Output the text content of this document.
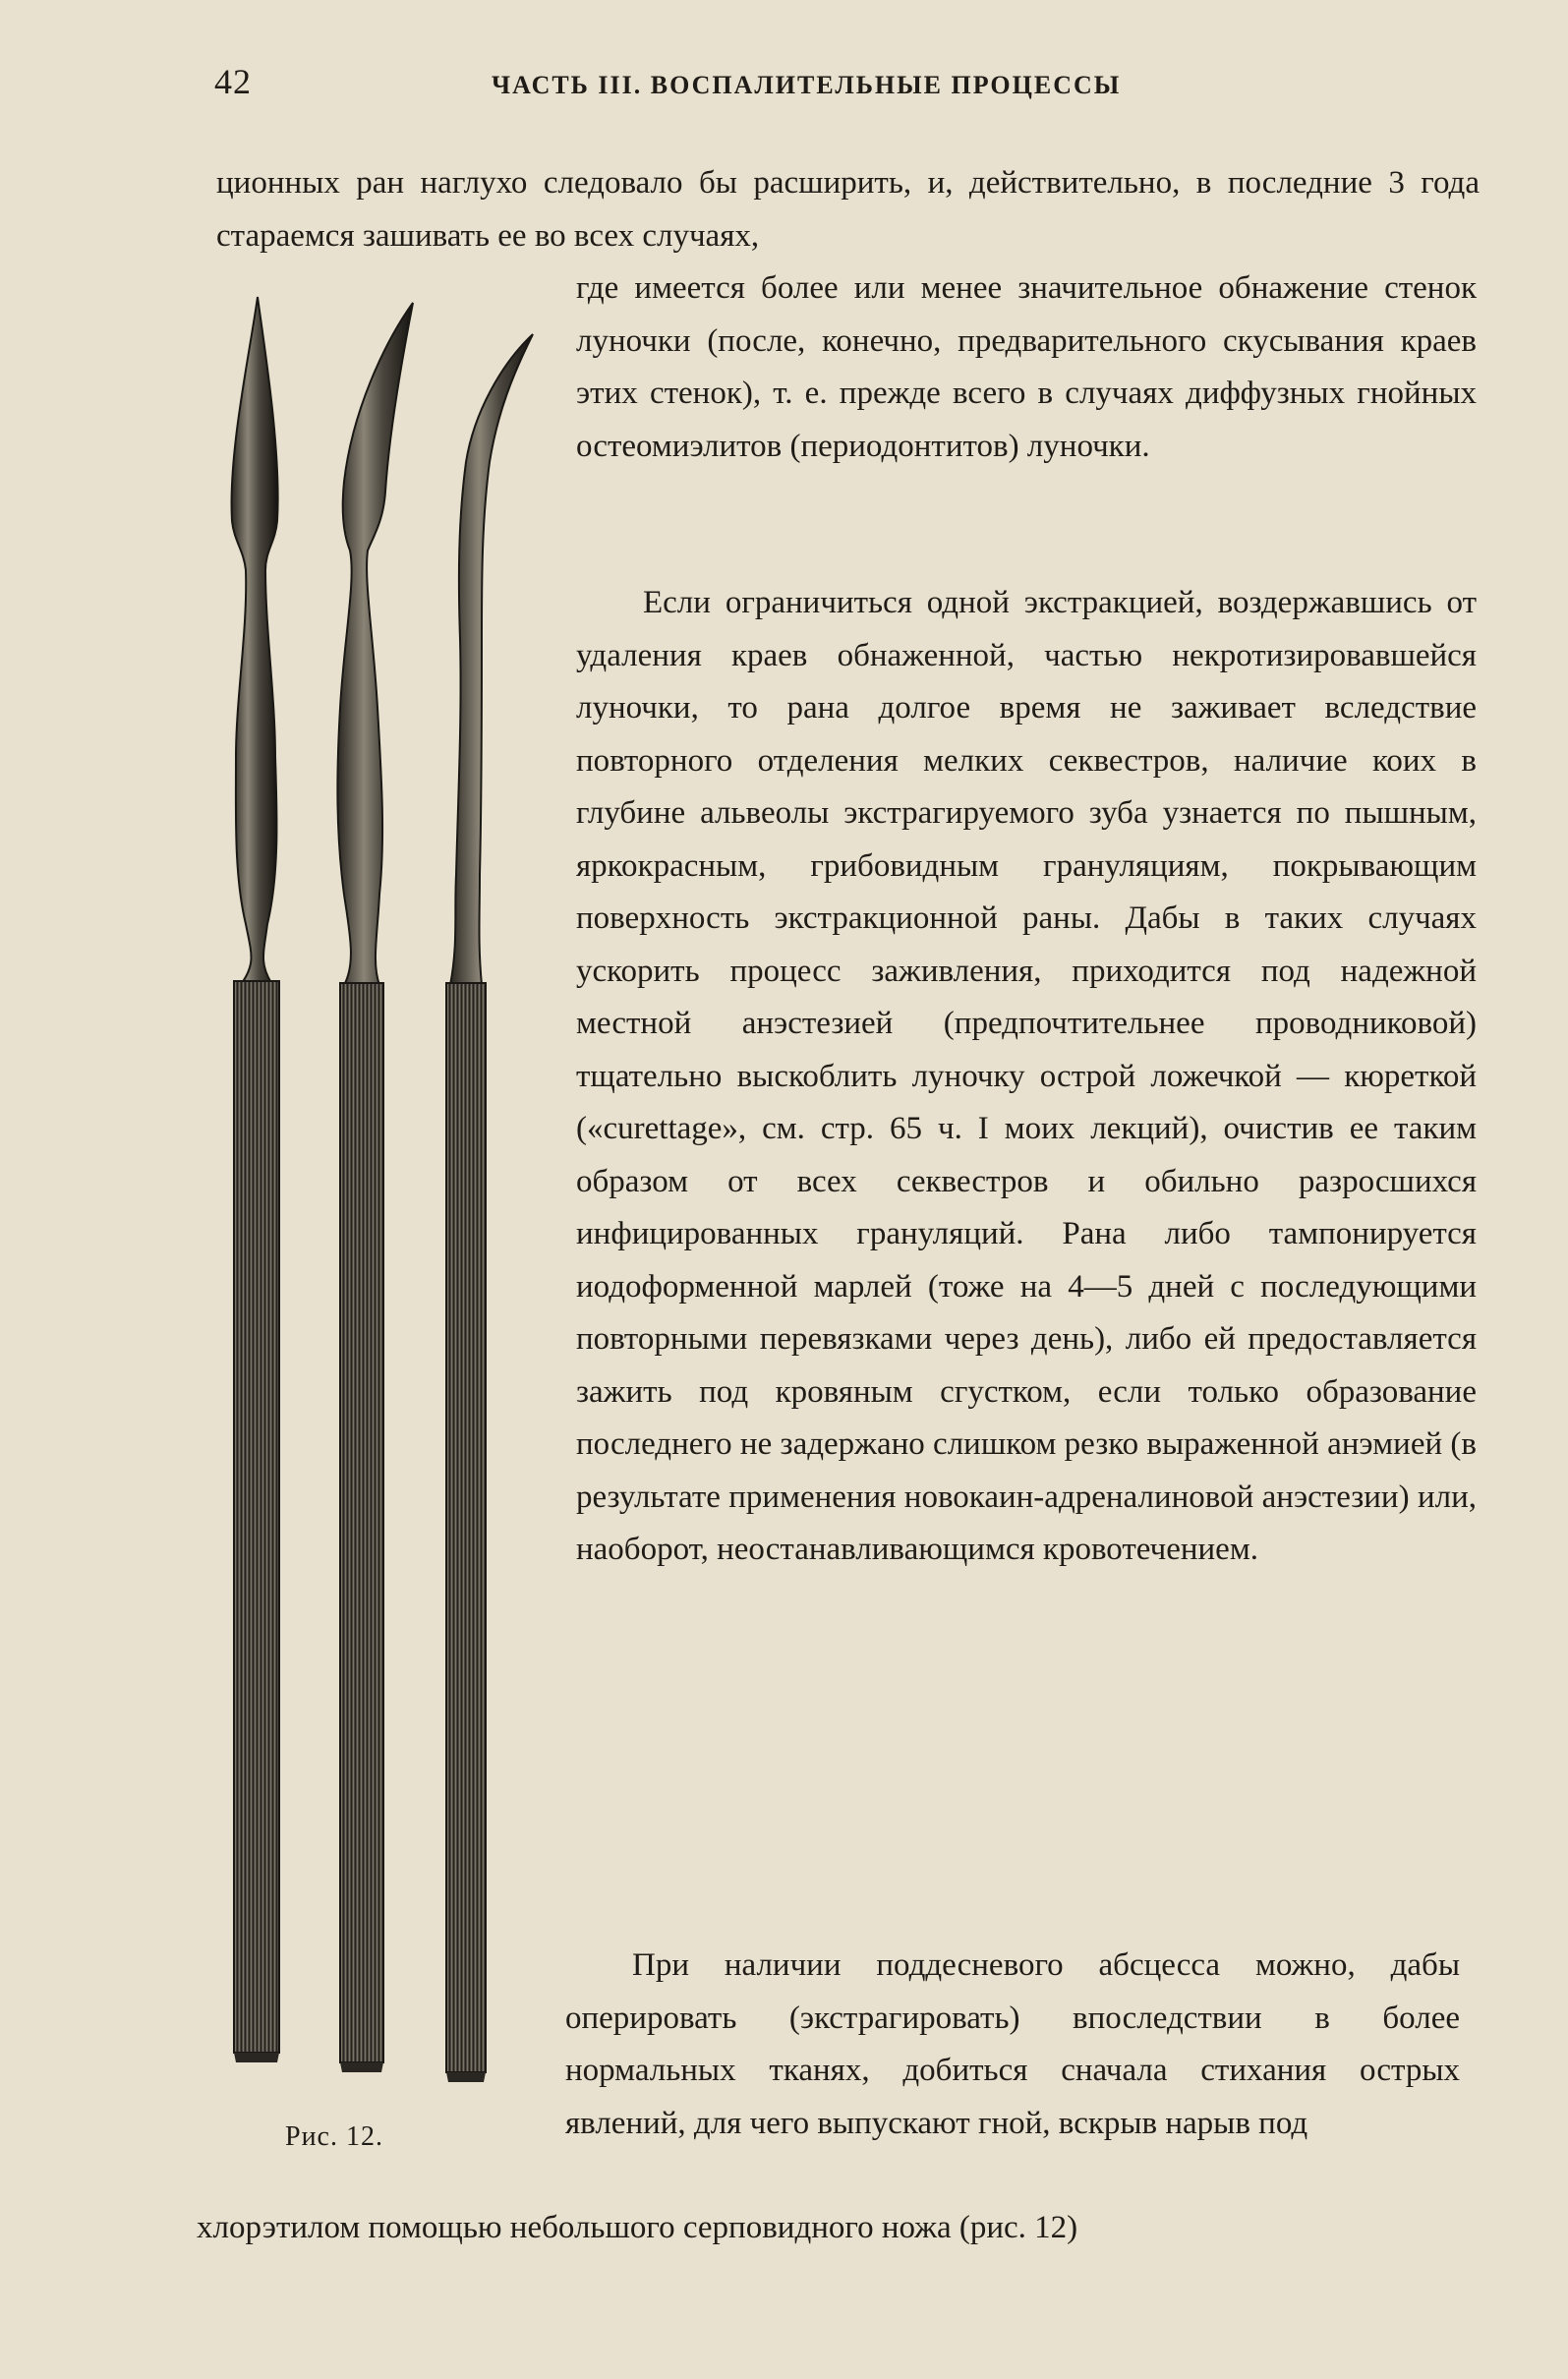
42	ЧАСТЬ III. ВОСПАЛИТЕЛЬНЫЕ ПРОЦЕССЫ

ционных ран наглухо следовало бы расширить, и, действительно, в последние 3 года стараемся зашивать ее во всех случаях,

где имеется более или менее значительное обнажение стенок луночки (после, конечно, предварительного скусывания краев этих стенок), т. е. прежде всего в случаях диффузных гнойных остеомиэлитов (периодонтитов) луночки.

Если ограничиться одной экстракцией, воздержавшись от удаления краев обнаженной, частью некротизировавшейся луночки, то рана долгое время не заживает вследствие повторного отделения мелких секвестров, наличие коих в глубине альвеолы экстрагируемого зуба узнается по пышным, яркокрасным, грибовидным грануляциям, покрывающим поверхность экстракционной раны. Дабы в таких случаях ускорить процесс заживления, приходится под надежной местной анэстезией (предпочтительнее проводниковой) тщательно выскоблить луночку острой ложечкой — кюреткой («curettage», см. стр. 65 ч. I моих лекций), очистив ее таким образом от всех секвестров и обильно разросшихся инфицированных грануляций. Рана либо тампонируется иодоформенной марлей (тоже на 4—5 дней с последующими повторными перевязками через день), либо ей предоставляется зажить под кровяным сгустком, если только образование последнего не задержано слишком резко выраженной анэмией (в результате применения новокаин-адреналиновой анэстезии) или, наоборот, неостанавливающимся кровотечением.

При наличии поддесневого абсцесса можно, дабы оперировать (экстрагировать) впоследствии в более нормальных тканях, добиться сначала стихания острых явлений, для чего выпускают гной, вскрыв нарыв под

хлорэтилом помощью небольшого серповидного ножа (рис. 12)

Рис. 12.
